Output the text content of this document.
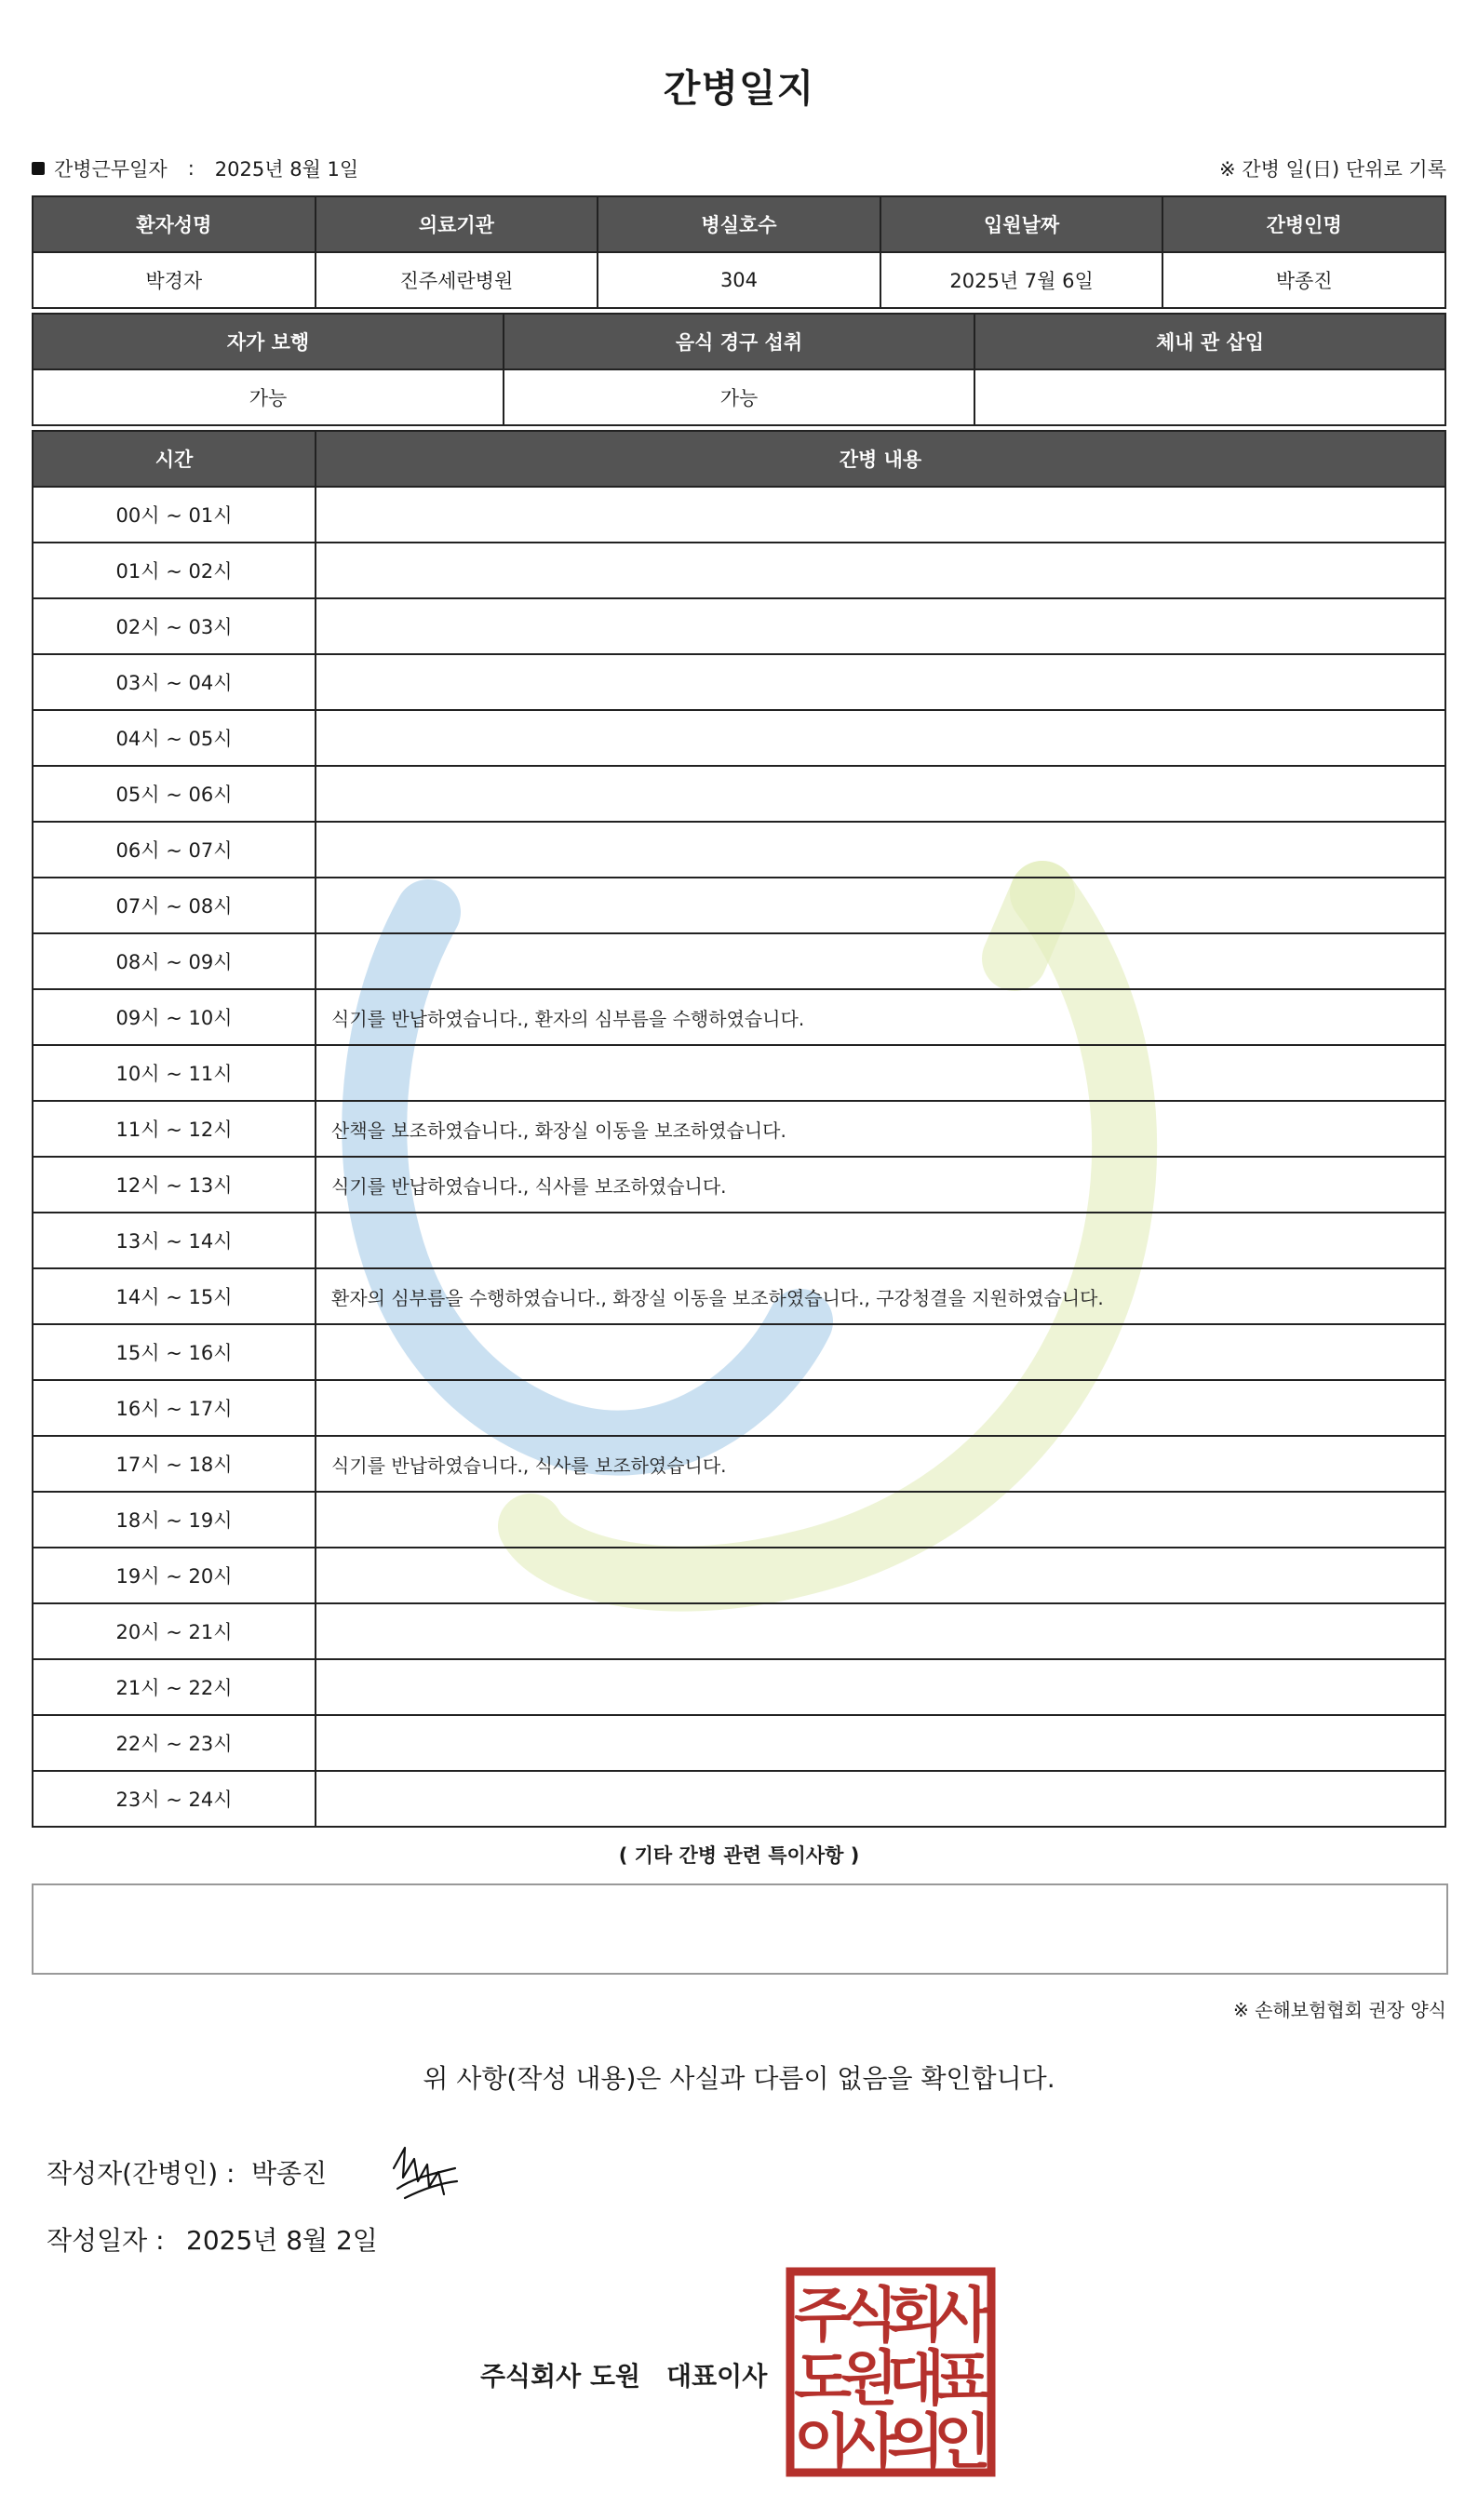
간병일지
간병근무일자 : 2025년 8월 1일	※ 간병 일(日) 단위로 기록
환자성명	의료기관	병실호수	입원날짜	간병인명
박경자	진주세란병원	304	2025년 7월 6일	박종진
자가 보행	음식 경구 섭취	체내 관 삽입
가능	가능	
시간	간병 내용
00시 ~ 01시	
01시 ~ 02시	
02시 ~ 03시	
03시 ~ 04시	
04시 ~ 05시	
05시 ~ 06시	
06시 ~ 07시	
07시 ~ 08시	
08시 ~ 09시	
09시 ~ 10시	식기를 반납하였습니다., 환자의 심부름을 수행하였습니다.
10시 ~ 11시	
11시 ~ 12시	산책을 보조하였습니다., 화장실 이동을 보조하였습니다.
12시 ~ 13시	식기를 반납하였습니다., 식사를 보조하였습니다.
13시 ~ 14시	
14시 ~ 15시	환자의 심부름을 수행하였습니다., 화장실 이동을 보조하였습니다., 구강청결을 지원하였습니다.
15시 ~ 16시	
16시 ~ 17시	
17시 ~ 18시	식기를 반납하였습니다., 식사를 보조하였습니다.
18시 ~ 19시	
19시 ~ 20시	
20시 ~ 21시	
21시 ~ 22시	
22시 ~ 23시	
23시 ~ 24시	
( 기타 간병 관련 특이사항 )
※ 손해보험협회 권장 양식
위 사항(작성 내용)은 사실과 다름이 없음을 확인합니다.
작성자(간병인) : 박종진
작성일자 : 2025년 8월 2일
주식회사 도원 대표이사
주
식
회
사
도
원
대
표
이
사
의
인
